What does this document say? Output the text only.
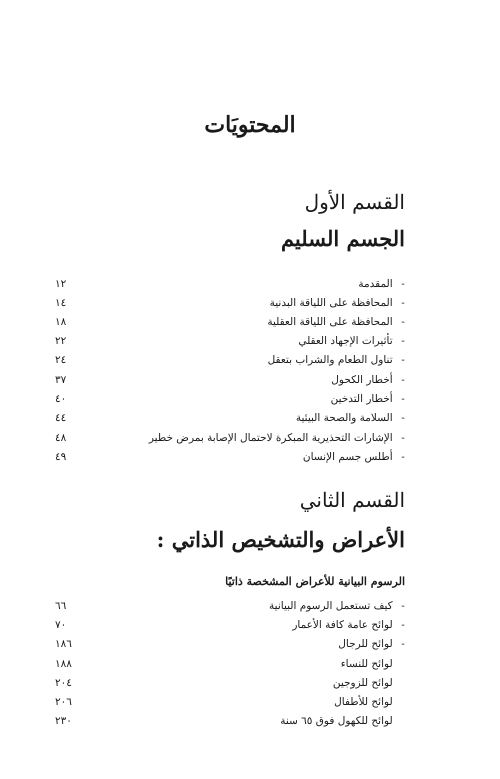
المحتويَات
القسم الأول
الجسم السليم
- المقدمة
١٢
- المحافظة على اللياقة البدنية
١٤
- المحافظة على اللياقة العقلية
١٨
- تأثيرات الإجهاد العقلي
٢٢
- تناول الطعام والشراب بتعقل
٢٤
- أخطار الكحول
٣٧
- أخطار التدخين
٤٠
- السلامة والصحة البيئية
٤٤
- الإشارات التحذيرية المبكرة لاحتمال الإصابة بمرض خطير
٤٨
- أطلس جسم الإنسان
٤٩
القسم الثاني
الأعراض والتشخيص الذاتي :
الرسوم البيانية للأعراض المشخصة ذاتيًا
- كيف تستعمل الرسوم البيانية
٦٦
- لوائح عامة كافة الأعمار
٧٠
- لوائح للرجال
١٨٦
لوائح للنساء
١٨٨
لوائح للزوجين
٢٠٤
لوائح للأطفال
٢٠٦
لوائح للكهول فوق ٦٥ سنة
٢٣٠
